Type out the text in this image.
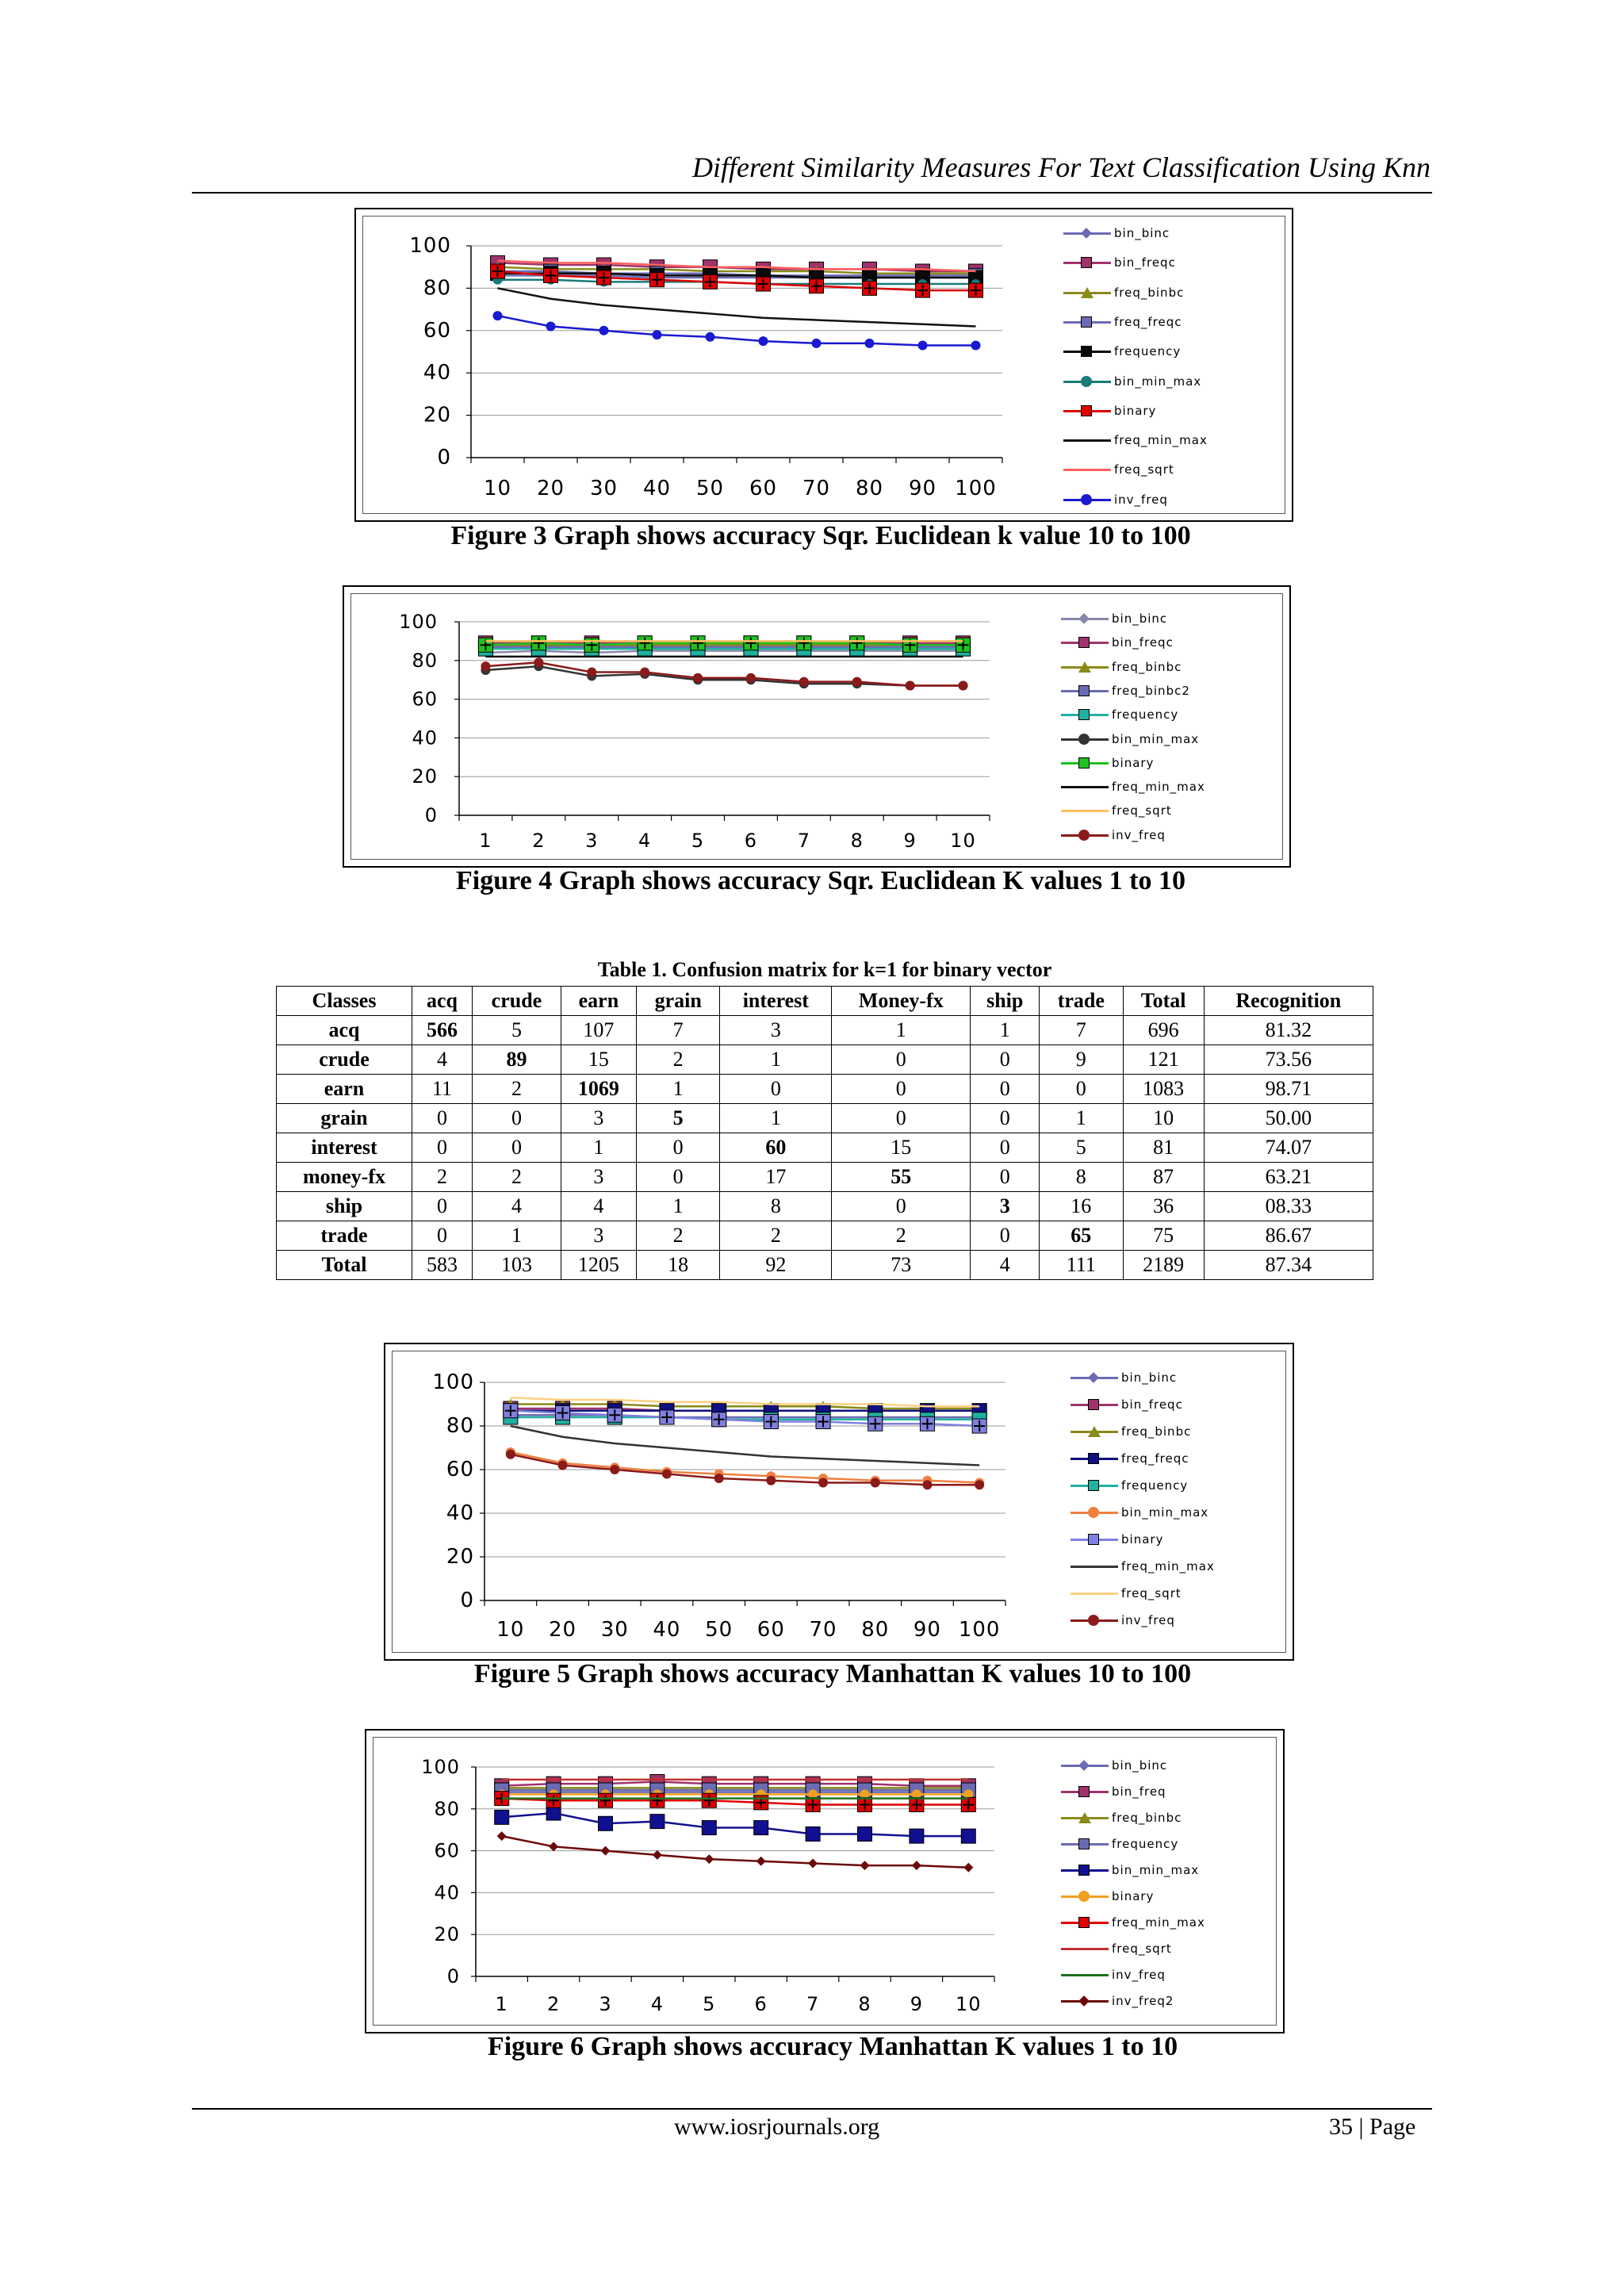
Different Similarity Measures For Text Classification Using Knn
0
20
40
60
80
100
10 20 30 40 50 60 70 80 90 100
bin_binc
bin_freqc
freq_binbc
freq_freqc
frequency
bin_min_max
binary
freq_min_max
freq_sqrt
inv_freq
Figure 3 Graph shows accuracy Sqr. Euclidean k value 10 to 100
0
20
40
60
80
100
1 2 3 4 5 6 7 8 9 10
bin_binc
bin_freqc
freq_binbc
freq_binbc2
frequency
bin_min_max
binary
freq_min_max
freq_sqrt
inv_freq
Figure 4 Graph shows accuracy Sqr. Euclidean K values 1 to 10
Table 1. Confusion matrix for k=1 for binary vector
Classes	acq	crude	earn	grain	interest	Money-fx	ship	trade	Total	Recognition
acq	566	5	107	7	3	1	1	7	696	81.32
crude	4	89	15	2	1	0	0	9	121	73.56
earn	11	2	1069	1	0	0	0	0	1083	98.71
grain	0	0	3	5	1	0	0	1	10	50.00
interest	0	0	1	0	60	15	0	5	81	74.07
money-fx	2	2	3	0	17	55	0	8	87	63.21
ship	0	4	4	1	8	0	3	16	36	08.33
trade	0	1	3	2	2	2	0	65	75	86.67
Total	583	103	1205	18	92	73	4	111	2189	87.34
0
20
40
60
80
100
10 20 30 40 50 60 70 80 90 100
bin_binc
bin_freqc
freq_binbc
freq_freqc
frequency
bin_min_max
binary
freq_min_max
freq_sqrt
inv_freq
Figure 5 Graph shows accuracy Manhattan K values 10 to 100
0
20
40
60
80
100
1 2 3 4 5 6 7 8 9 10
bin_binc
bin_freq
freq_binbc
frequency
bin_min_max
binary
freq_min_max
freq_sqrt
inv_freq
inv_freq2
Figure 6 Graph shows accuracy Manhattan K values 1 to 10
www.iosrjournals.org	35 | Page
